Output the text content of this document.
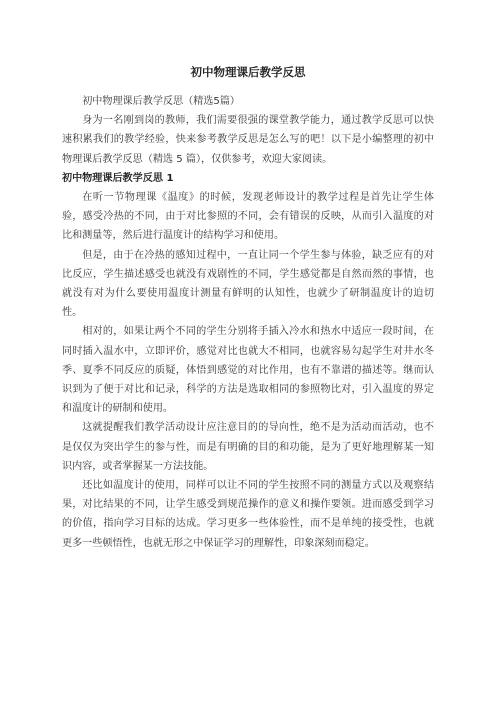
初中物理课后教学反思

初中物理课后教学反思（精选5篇）

身为一名刚到岗的教师，我们需要很强的课堂教学能力，通过教学反思可以快速积累我们的教学经验，快来参考教学反思是怎么写的吧！以下是小编整理的初中物理课后教学反思（精选 5 篇），仅供参考，欢迎大家阅读。

初中物理课后教学反思 1

在听一节物理课《温度》的时候，发现老师设计的教学过程是首先让学生体验，感受冷热的不同，由于对比参照的不同，会有错误的反映，从而引入温度的对比和测量等，然后进行温度计的结构学习和使用。

但是，由于在冷热的感知过程中，一直让同一个学生参与体验，缺乏应有的对比反应，学生描述感受也就没有戏剧性的不同，学生感觉都是自然而然的事情，也就没有对为什么要使用温度计测量有鲜明的认知性，也就少了研制温度计的迫切性。

相对的，如果让两个不同的学生分别将手插入冷水和热水中适应一段时间，在同时插入温水中，立即评价，感觉对比也就大不相同，也就容易勾起学生对井水冬季、夏季不同反应的质疑，体悟到感觉的对比作用，也有不靠谱的描述等。继而认识到为了便于对比和记录，科学的方法是选取相同的参照物比对，引入温度的界定和温度计的研制和使用。

这就提醒我们教学活动设计应注意目的的导向性，绝不是为活动而活动，也不是仅仅为突出学生的参与性，而是有明确的目的和功能，是为了更好地理解某一知识内容，或者掌握某一方法技能。

还比如温度计的使用，同样可以让不同的学生按照不同的测量方式以及观察结果，对比结果的不同，让学生感受到规范操作的意义和操作要领。进而感受到学习的价值，指向学习目标的达成。学习更多一些体验性，而不是单纯的接受性，也就更多一些顿悟性，也就无形之中保证学习的理解性，印象深刻而稳定。
